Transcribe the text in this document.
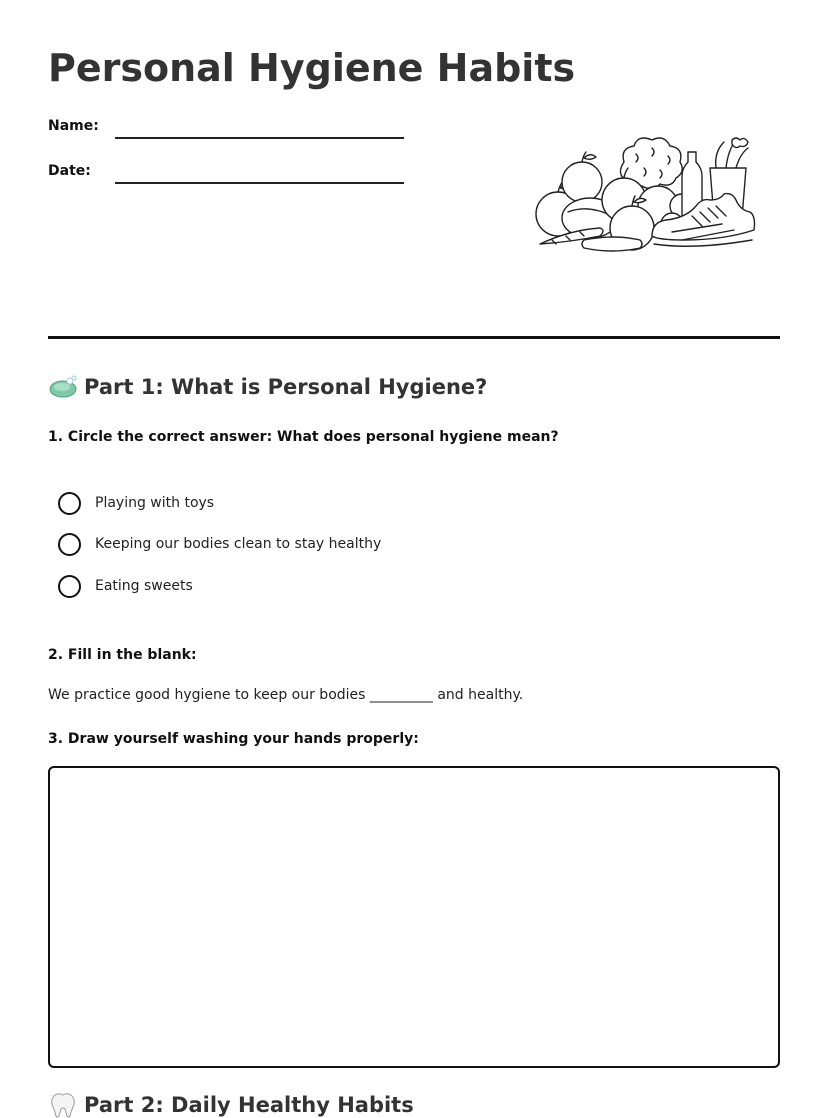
Personal Hygiene Habits
Name:
Date:
Part 1: What is Personal Hygiene?

1. Circle the correct answer: What does personal hygiene mean?

Playing with toys
Keeping our bodies clean to stay healthy
Eating sweets

2. Fill in the blank:

We practice good hygiene to keep our bodies _________ and healthy.

3. Draw yourself washing your hands properly:

Part 2: Daily Healthy Habits
